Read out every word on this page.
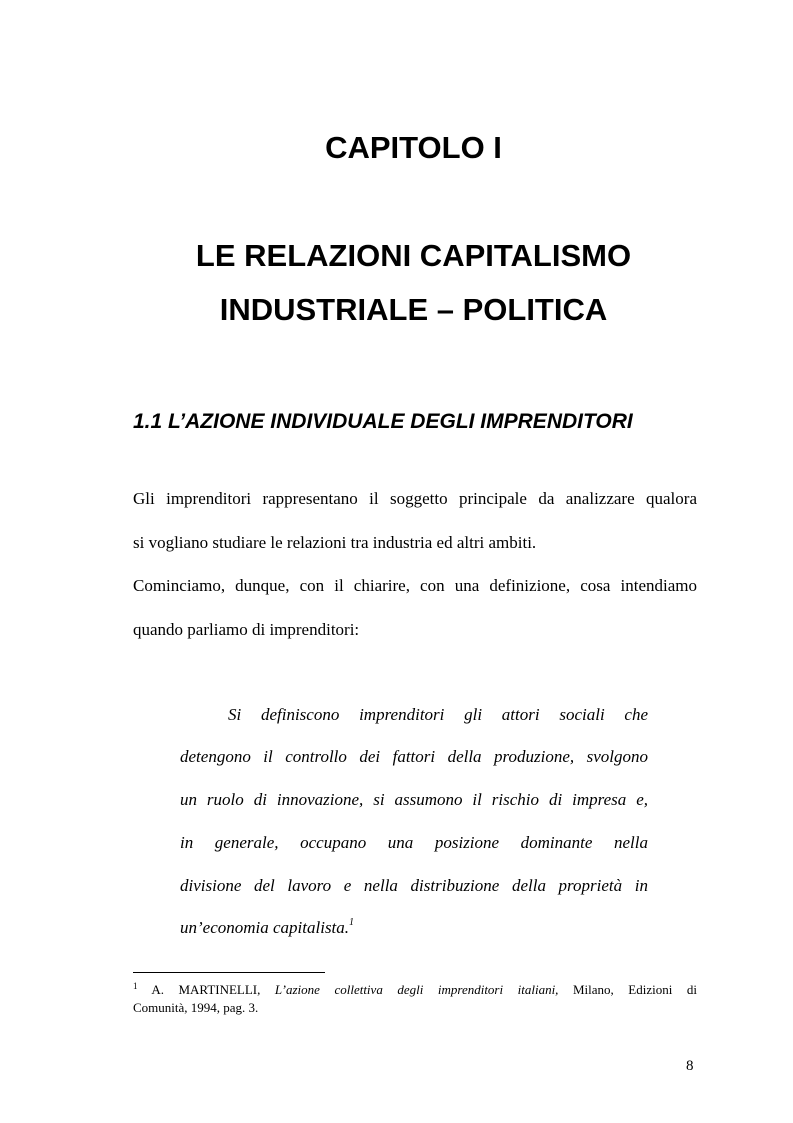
CAPITOLO I
LE RELAZIONI CAPITALISMO
INDUSTRIALE – POLITICA
1.1 L’AZIONE INDIVIDUALE DEGLI IMPRENDITORI
Gli imprenditori rappresentano il soggetto principale da analizzare qualora
si vogliano studiare le relazioni tra industria ed altri ambiti.
Cominciamo, dunque, con il chiarire, con una definizione, cosa intendiamo
quando parliamo di imprenditori:
Si definiscono imprenditori gli attori sociali che
detengono il controllo dei fattori della produzione, svolgono
un ruolo di innovazione, si assumono il rischio di impresa e,
in generale, occupano una posizione dominante nella
divisione del lavoro e nella distribuzione della proprietà in
un’economia capitalista.$^1$
$^1$ A. MARTINELLI, L’azione collettiva degli imprenditori italiani, Milano, Edizioni di
Comunità, 1994, pag. 3.
8
